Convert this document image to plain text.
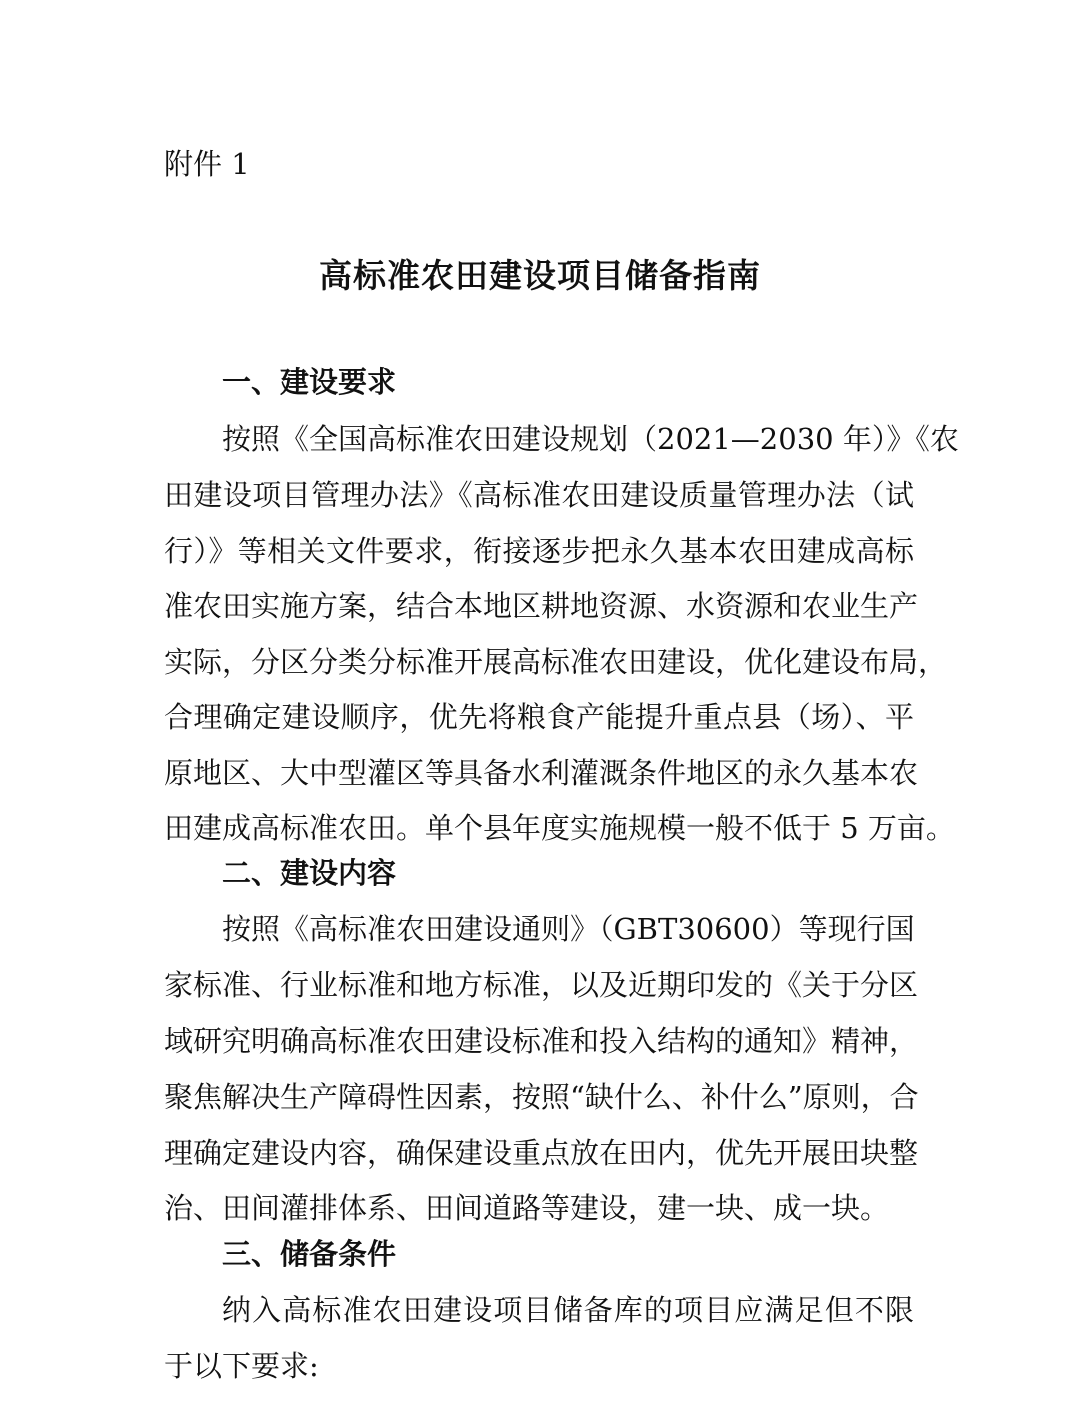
附件 1
高标准农田建设项目储备指南
一、建设要求
按照《全国高标准农田建设规划（2021—2030 年）》《农
田建设项目管理办法》《高标准农田建设质量管理办法（试
行）》等相关文件要求，衔接逐步把永久基本农田建成高标
准农田实施方案，结合本地区耕地资源、水资源和农业生产
实际，分区分类分标准开展高标准农田建设，优化建设布局，
合理确定建设顺序，优先将粮食产能提升重点县（场）、平
原地区、大中型灌区等具备水利灌溉条件地区的永久基本农
田建成高标准农田。单个县年度实施规模一般不低于 5 万亩。
二、建设内容
按照《高标准农田建设通则》（GBT30600）等现行国
家标准、行业标准和地方标准，以及近期印发的《关于分区
域研究明确高标准农田建设标准和投入结构的通知》精神，
聚焦解决生产障碍性因素，按照“缺什么、补什么”原则，合
理确定建设内容，确保建设重点放在田内，优先开展田块整
治、田间灌排体系、田间道路等建设，建一块、成一块。
三、储备条件
纳入高标准农田建设项目储备库的项目应满足但不限
于以下要求:
